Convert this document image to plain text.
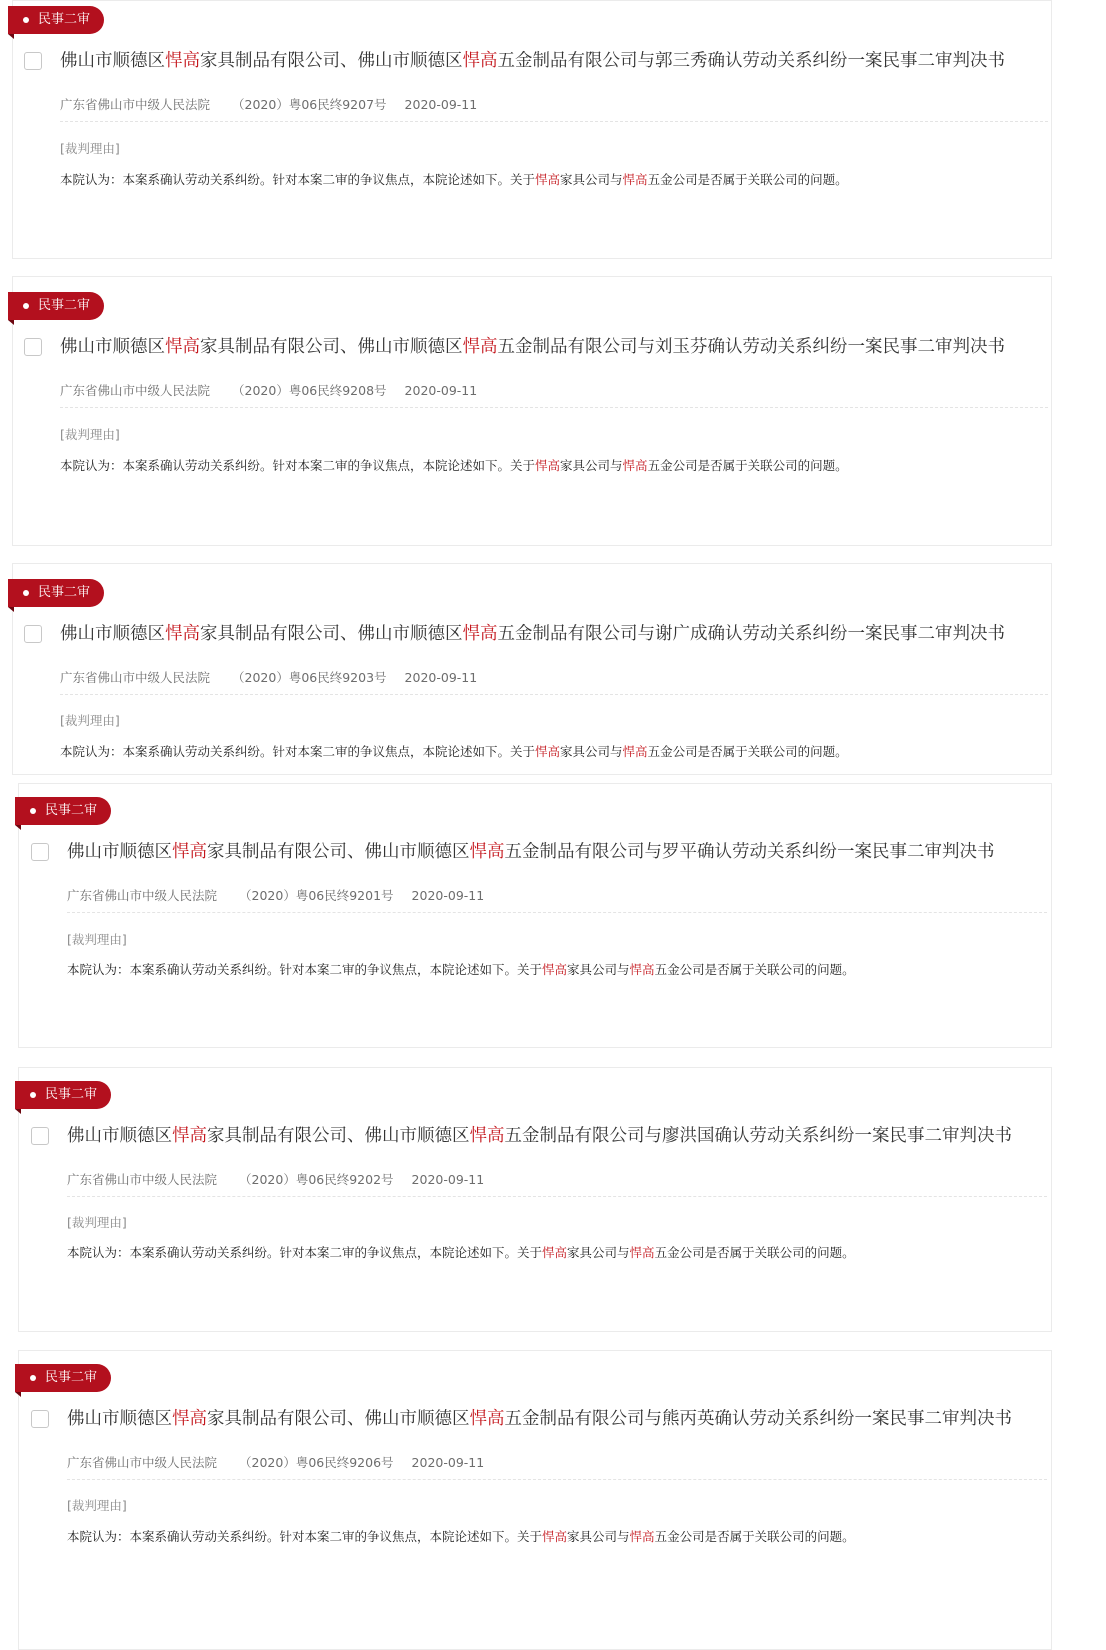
民事二审
佛山市顺德区悍高家具制品有限公司、佛山市顺德区悍高五金制品有限公司与郭三秀确认劳动关系纠纷一案民事二审判决书
广东省佛山市中级人民法院 （2020）粤06民终9207号 2020-09-11
[裁判理由]
本院认为：本案系确认劳动关系纠纷。针对本案二审的争议焦点，本院论述如下。关于悍高家具公司与悍高五金公司是否属于关联公司的问题。
民事二审
佛山市顺德区悍高家具制品有限公司、佛山市顺德区悍高五金制品有限公司与刘玉芬确认劳动关系纠纷一案民事二审判决书
广东省佛山市中级人民法院 （2020）粤06民终9208号 2020-09-11
[裁判理由]
本院认为：本案系确认劳动关系纠纷。针对本案二审的争议焦点，本院论述如下。关于悍高家具公司与悍高五金公司是否属于关联公司的问题。
民事二审
佛山市顺德区悍高家具制品有限公司、佛山市顺德区悍高五金制品有限公司与谢广成确认劳动关系纠纷一案民事二审判决书
广东省佛山市中级人民法院 （2020）粤06民终9203号 2020-09-11
[裁判理由]
本院认为：本案系确认劳动关系纠纷。针对本案二审的争议焦点，本院论述如下。关于悍高家具公司与悍高五金公司是否属于关联公司的问题。
民事二审
佛山市顺德区悍高家具制品有限公司、佛山市顺德区悍高五金制品有限公司与罗平确认劳动关系纠纷一案民事二审判决书
广东省佛山市中级人民法院 （2020）粤06民终9201号 2020-09-11
[裁判理由]
本院认为：本案系确认劳动关系纠纷。针对本案二审的争议焦点，本院论述如下。关于悍高家具公司与悍高五金公司是否属于关联公司的问题。
民事二审
佛山市顺德区悍高家具制品有限公司、佛山市顺德区悍高五金制品有限公司与廖洪国确认劳动关系纠纷一案民事二审判决书
广东省佛山市中级人民法院 （2020）粤06民终9202号 2020-09-11
[裁判理由]
本院认为：本案系确认劳动关系纠纷。针对本案二审的争议焦点，本院论述如下。关于悍高家具公司与悍高五金公司是否属于关联公司的问题。
民事二审
佛山市顺德区悍高家具制品有限公司、佛山市顺德区悍高五金制品有限公司与熊丙英确认劳动关系纠纷一案民事二审判决书
广东省佛山市中级人民法院 （2020）粤06民终9206号 2020-09-11
[裁判理由]
本院认为：本案系确认劳动关系纠纷。针对本案二审的争议焦点，本院论述如下。关于悍高家具公司与悍高五金公司是否属于关联公司的问题。
